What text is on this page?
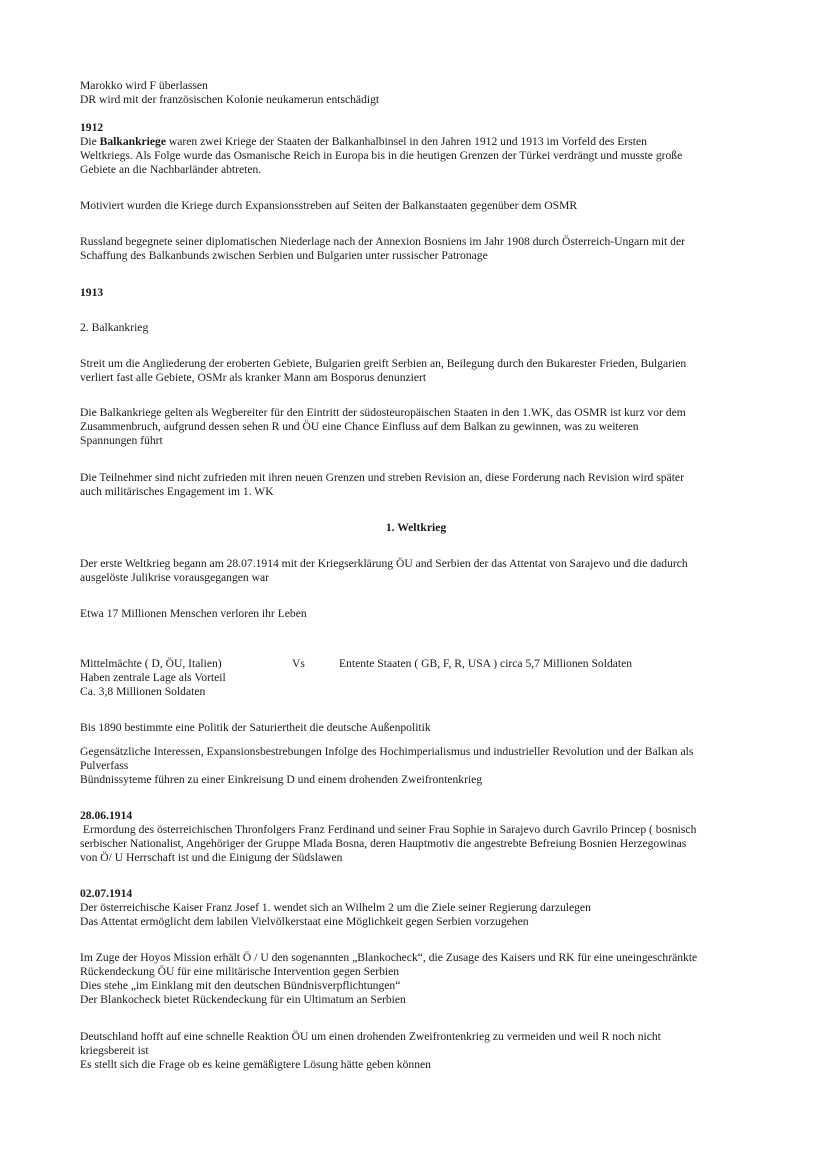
Marokko wird F überlassen
DR wird mit der französischen Kolonie neukamerun entschädigt
1912
Die Balkankriege waren zwei Kriege der Staaten der Balkanhalbinsel in den Jahren 1912 und 1913 im Vorfeld des Ersten
Weltkriegs. Als Folge wurde das Osmanische Reich in Europa bis in die heutigen Grenzen der Türkei verdrängt und musste große
Gebiete an die Nachbarländer abtreten.
Motiviert wurden die Kriege durch Expansionsstreben auf Seiten der Balkanstaaten gegenüber dem OSMR
Russland begegnete seiner diplomatischen Niederlage nach der Annexion Bosniens im Jahr 1908 durch Österreich-Ungarn mit der
Schaffung des Balkanbunds zwischen Serbien und Bulgarien unter russischer Patronage
1913
2. Balkankrieg
Streit um die Angliederung der eroberten Gebiete, Bulgarien greift Serbien an, Beilegung durch den Bukarester Frieden, Bulgarien
verliert fast alle Gebiete, OSMr als kranker Mann am Bosporus denunziert
Die Balkankriege gelten als Wegbereiter für den Eintritt der südosteuropäischen Staaten in den 1.WK, das OSMR ist kurz vor dem
Zusammenbruch, aufgrund dessen sehen R und ÖU eine Chance Einfluss auf dem Balkan zu gewinnen, was zu weiteren
Spannungen führt
Die Teilnehmer sind nicht zufrieden mit ihren neuen Grenzen und streben Revision an, diese Forderung nach Revision wird später
auch militärisches Engagement im 1. WK
1. Weltkrieg
Der erste Weltkrieg begann am 28.07.1914 mit der Kriegserklärung ÖU and Serbien der das Attentat von Sarajevo und die dadurch
ausgelöste Julikrise vorausgegangen war
Etwa 17 Millionen Menschen verloren ihr Leben
Mittelmächte ( D, ÖU, Italien)	Vs	Entente Staaten ( GB, F, R, USA ) circa 5,7 Millionen Soldaten
Haben zentrale Lage als Vorteil
Ca. 3,8 Millionen Soldaten
Bis 1890 bestimmte eine Politik der Saturiertheit die deutsche Außenpolitik
Gegensätzliche Interessen, Expansionsbestrebungen Infolge des Hochimperialismus und industrieller Revolution und der Balkan als
Pulverfass
Bündnissyteme führen zu einer Einkreisung D und einem drohenden Zweifrontenkrieg
28.06.1914
Ermordung des österreichischen Thronfolgers Franz Ferdinand und seiner Frau Sophie in Sarajevo durch Gavrilo Princep ( bosnisch
serbischer Nationalist, Angehöriger der Gruppe Mlada Bosna, deren Hauptmotiv die angestrebte Befreiung Bosnien Herzegowinas
von Ö/ U Herrschaft ist und die Einigung der Südslawen
02.07.1914
Der österreichische Kaiser Franz Josef 1. wendet sich an Wilhelm 2 um die Ziele seiner Regierung darzulegen
Das Attentat ermöglicht dem labilen Vielvölkerstaat eine Möglichkeit gegen Serbien vorzugehen
Im Zuge der Hoyos Mission erhält Ö / U den sogenannten „Blankocheck“, die Zusage des Kaisers und RK für eine uneingeschränkte
Rückendeckung ÖU für eine militärische Intervention gegen Serbien
Dies stehe „im Einklang mit den deutschen Bündnisverpflichtungen“
Der Blankocheck bietet Rückendeckung für ein Ultimatum an Serbien
Deutschland hofft auf eine schnelle Reaktion ÖU um einen drohenden Zweifrontenkrieg zu vermeiden und weil R noch nicht
kriegsbereit ist
Es stellt sich die Frage ob es keine gemäßigtere Lösung hätte geben können
